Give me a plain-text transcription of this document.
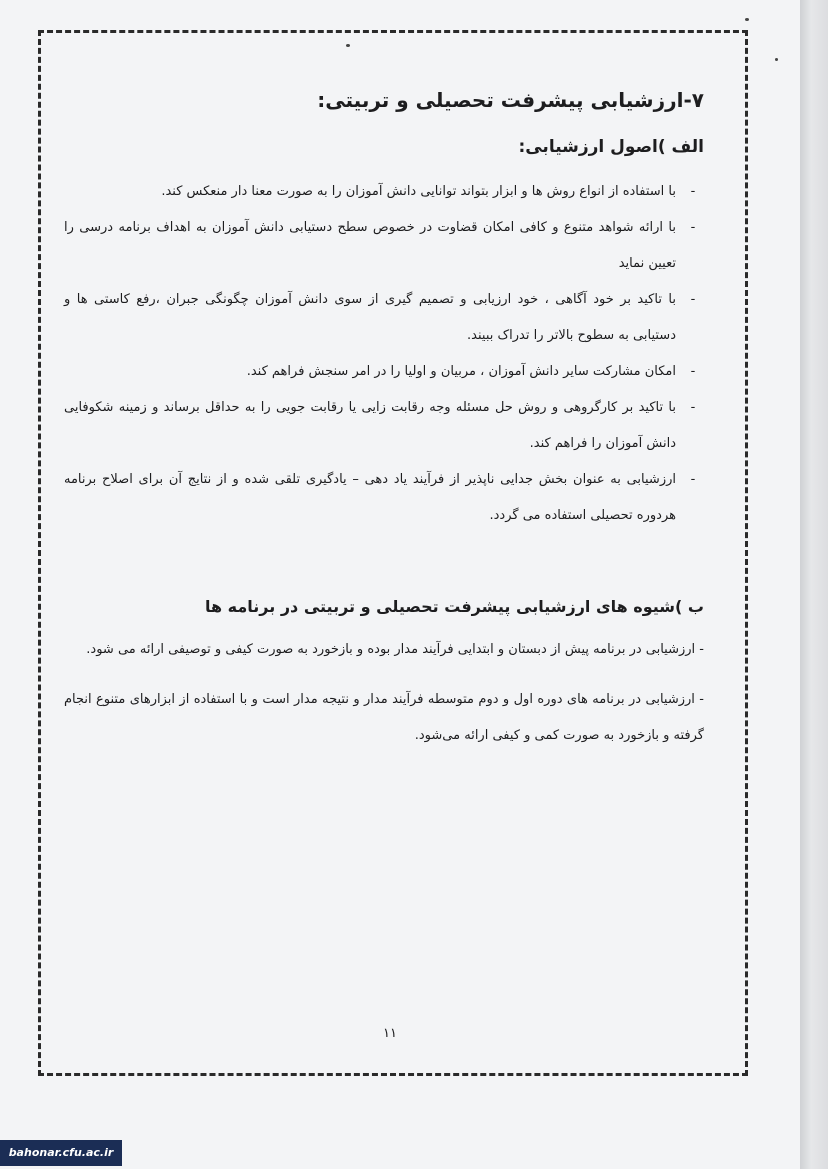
۷-ارزشیابی پیشرفت تحصیلی و تربیتی:
الف )اصول ارزشیابی:
-
با استفاده از انواع روش ها و ابزار بتواند توانایی دانش آموزان را به صورت معنا دار منعکس کند.
-
با ارائه شواهد متنوع و کافی امکان قضاوت در خصوص سطح دستیابی دانش آموزان به اهداف برنامه درسی را تعیین نماید
-
با تاکید بر خود آگاهی ، خود ارزیابی و تصمیم گیری از سوی دانش آموزان چگونگی جبران ،رفع کاستی ها و دستیابی به سطوح بالاتر را تدراک ببیند.
-
امکان مشارکت سایر دانش آموزان ، مربیان و اولیا را در امر سنجش فراهم کند.
-
با تاکید بر کارگروهی و روش حل مسئله وجه رقابت زایی یا رقابت جویی را به حداقل برساند و زمینه شکوفایی دانش آموزان را فراهم کند.
-
ارزشیابی به عنوان بخش جدایی ناپذیر از فرآیند یاد دهی – یادگیری تلقی شده و از نتایج آن برای اصلاح برنامه هردوره تحصیلی استفاده می گردد.
ب )شیوه های ارزشیابی پیشرفت تحصیلی و تربیتی در برنامه ها

- ارزشیابی در برنامه پیش از دبستان و ابتدایی فرآیند مدار بوده و بازخورد به صورت کیفی و توصیفی ارائه می شود.

- ارزشیابی در برنامه های دوره اول و دوم متوسطه فرآیند مدار و نتیجه مدار است و با استفاده از ابزارهای متنوع انجام گرفته و بازخورد به صورت کمی و کیفی ارائه می‌شود.

۱۱
bahonar.cfu.ac.ir
